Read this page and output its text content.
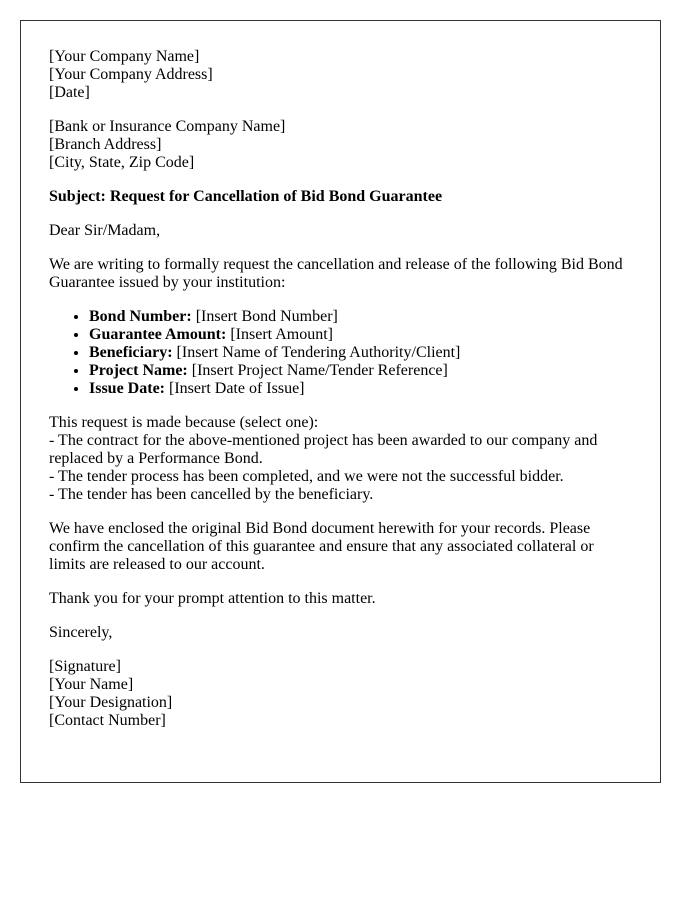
[Your Company Name]
[Your Company Address]
[Date]

[Bank or Insurance Company Name]
[Branch Address]
[City, State, Zip Code]

Subject: Request for Cancellation of Bid Bond Guarantee

Dear Sir/Madam,

We are writing to formally request the cancellation and release of the following Bid Bond Guarantee issued by your institution:

• Bond Number: [Insert Bond Number]
• Guarantee Amount: [Insert Amount]
• Beneficiary: [Insert Name of Tendering Authority/Client]
• Project Name: [Insert Project Name/Tender Reference]
• Issue Date: [Insert Date of Issue]

This request is made because (select one):
- The contract for the above-mentioned project has been awarded to our company and replaced by a Performance Bond.
- The tender process has been completed, and we were not the successful bidder.
- The tender has been cancelled by the beneficiary.

We have enclosed the original Bid Bond document herewith for your records. Please confirm the cancellation of this guarantee and ensure that any associated collateral or limits are released to our account.

Thank you for your prompt attention to this matter.

Sincerely,

[Signature]
[Your Name]
[Your Designation]
[Contact Number]
